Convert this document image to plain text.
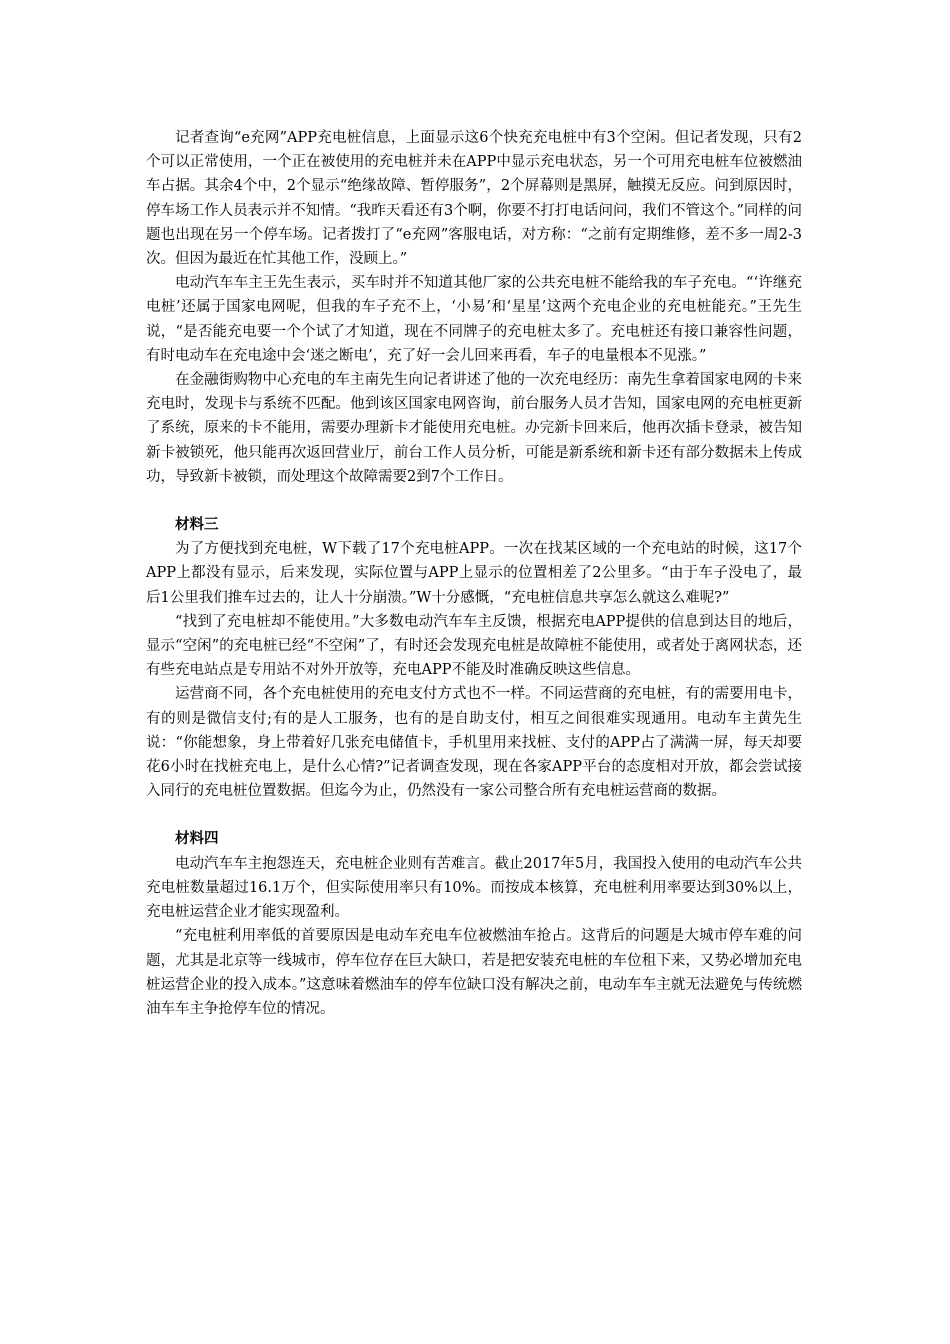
记者查询“e充网”APP充电桩信息，上面显示这6个快充充电桩中有3个空闲。但记者发现，只有2个可以正常使用，一个正在被使用的充电桩并未在APP中显示充电状态，另一个可用充电桩车位被燃油车占据。其余4个中，2个显示“绝缘故障、暂停服务”，2个屏幕则是黑屏，触摸无反应。问到原因时，停车场工作人员表示并不知情。“我昨天看还有3个啊，你要不打打电话问问，我们不管这个。”同样的问题也出现在另一个停车场。记者拨打了“e充网”客服电话，对方称：“之前有定期维修，差不多一周2-3次。但因为最近在忙其他工作，没顾上。”

电动汽车车主王先生表示，买车时并不知道其他厂家的公共充电桩不能给我的车子充电。“‘许继充电桩’还属于国家电网呢，但我的车子充不上，‘小易’和‘星星’这两个充电企业的充电桩能充。”王先生说，“是否能充电要一个个试了才知道，现在不同牌子的充电桩太多了。充电桩还有接口兼容性问题，有时电动车在充电途中会‘迷之断电’，充了好一会儿回来再看，车子的电量根本不见涨。”

在金融街购物中心充电的车主南先生向记者讲述了他的一次充电经历：南先生拿着国家电网的卡来充电时，发现卡与系统不匹配。他到该区国家电网咨询，前台服务人员才告知，国家电网的充电桩更新了系统，原来的卡不能用，需要办理新卡才能使用充电桩。办完新卡回来后，他再次插卡登录，被告知新卡被锁死，他只能再次返回营业厅，前台工作人员分析，可能是新系统和新卡还有部分数据未上传成功，导致新卡被锁，而处理这个故障需要2到7个工作日。

材料三

为了方便找到充电桩，W下载了17个充电桩APP。一次在找某区域的一个充电站的时候，这17个APP上都没有显示，后来发现，实际位置与APP上显示的位置相差了2公里多。“由于车子没电了，最后1公里我们推车过去的，让人十分崩溃。”W十分感慨，“充电桩信息共享怎么就这么难呢?”

“找到了充电桩却不能使用。”大多数电动汽车车主反馈，根据充电APP提供的信息到达目的地后，显示“空闲”的充电桩已经“不空闲”了，有时还会发现充电桩是故障桩不能使用，或者处于离网状态，还有些充电站点是专用站不对外开放等，充电APP不能及时准确反映这些信息。

运营商不同，各个充电桩使用的充电支付方式也不一样。不同运营商的充电桩，有的需要用电卡，有的则是微信支付;有的是人工服务，也有的是自助支付，相互之间很难实现通用。电动车主黄先生说：“你能想象，身上带着好几张充电储值卡，手机里用来找桩、支付的APP占了满满一屏，每天却要花6小时在找桩充电上，是什么心情?”记者调查发现，现在各家APP平台的态度相对开放，都会尝试接入同行的充电桩位置数据。但迄今为止，仍然没有一家公司整合所有充电桩运营商的数据。

材料四

电动汽车车主抱怨连天，充电桩企业则有苦难言。截止2017年5月，我国投入使用的电动汽车公共充电桩数量超过16.1万个，但实际使用率只有10%。而按成本核算，充电桩利用率要达到30%以上，充电桩运营企业才能实现盈利。

“充电桩利用率低的首要原因是电动车充电车位被燃油车抢占。这背后的问题是大城市停车难的问题，尤其是北京等一线城市，停车位存在巨大缺口，若是把安装充电桩的车位租下来，又势必增加充电桩运营企业的投入成本。”这意味着燃油车的停车位缺口没有解决之前，电动车车主就无法避免与传统燃油车车主争抢停车位的情况。
